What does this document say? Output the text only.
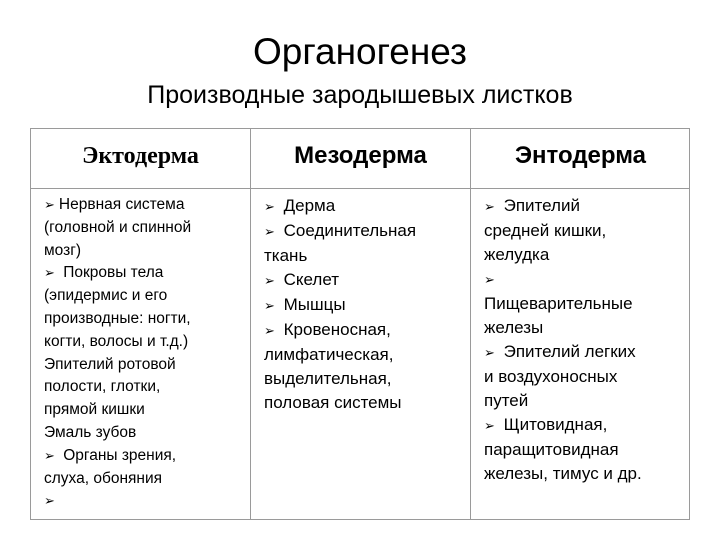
Органогенез
Производные зародышевых листков
Эктодерма	Мезодерма	Энтодерма
➢ Нервная система
(головной и спинной
мозг)
➢ Покровы тела
(эпидермис и его
производные: ногти,
когти, волосы и т.д.)
Эпителий ротовой
полости, глотки,
прямой кишки
Эмаль зубов
➢ Органы зрения,
слуха, обоняния
➢
➢ Дерма
➢ Соединительная
ткань
➢ Скелет
➢ Мышцы
➢ Кровеносная,
лимфатическая,
выделительная,
половая системы
➢ Эпителий
средней кишки,
желудка
➢
Пищеварительные
железы
➢ Эпителий легких
и воздухоносных
путей
➢ Щитовидная,
паращитовидная
железы, тимус и др.
